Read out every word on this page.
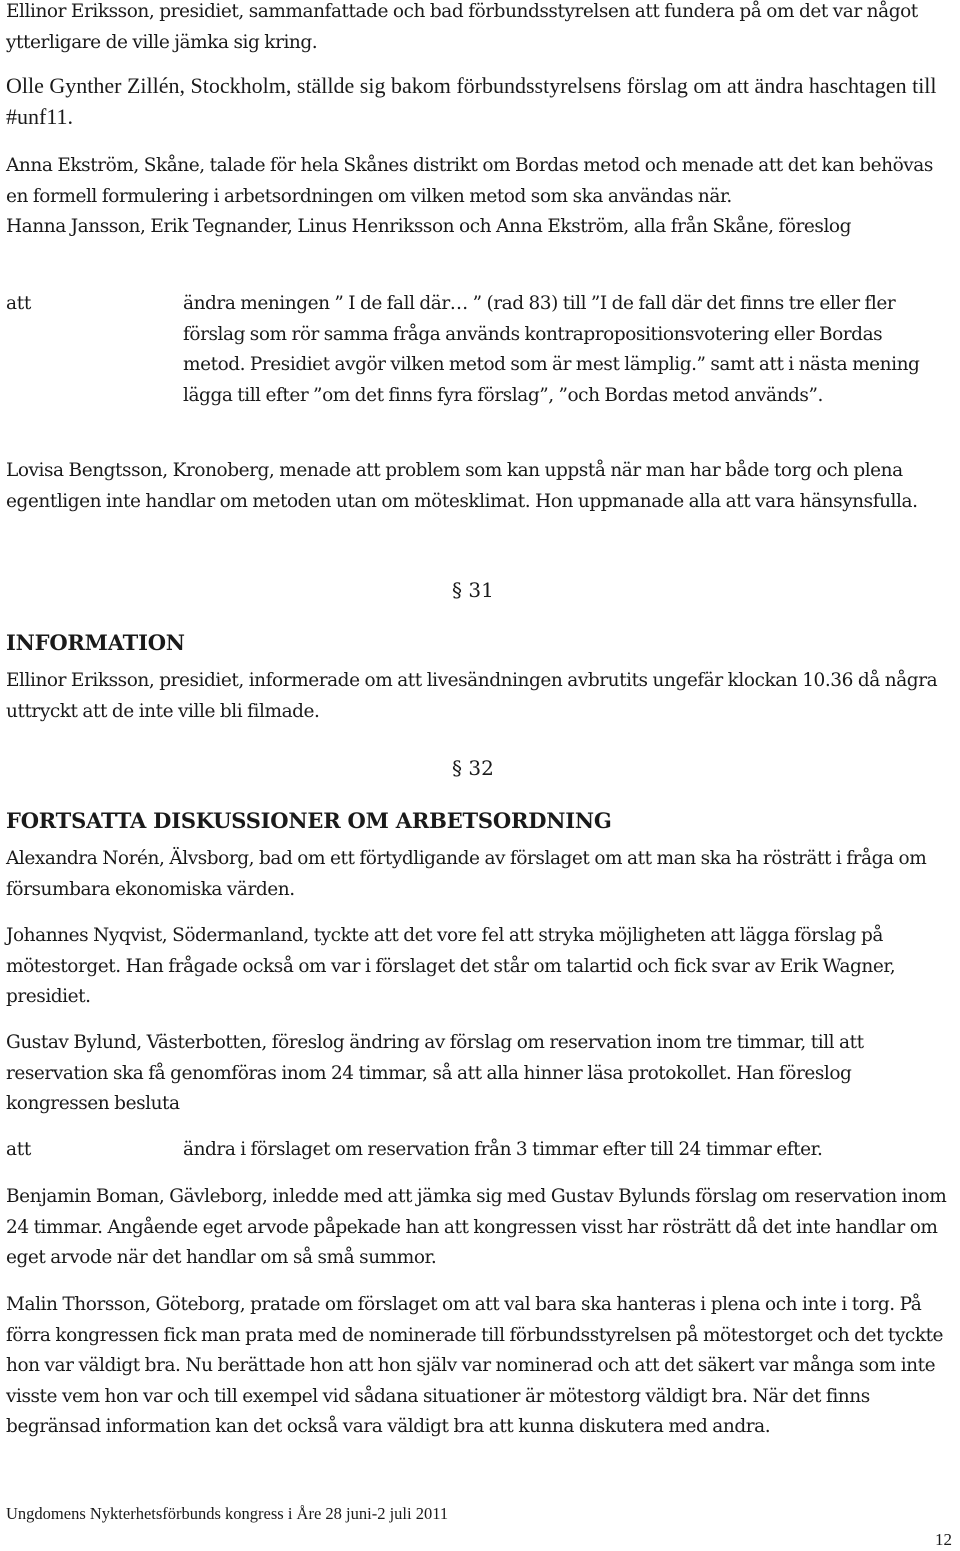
Ellinor Eriksson, presidiet, sammanfattade och bad förbundsstyrelsen att fundera på om det var något ytterligare de ville jämka sig kring.

Olle Gynther Zillén, Stockholm, ställde sig bakom förbundsstyrelsens förslag om att ändra haschtagen till #unf11.

Anna Ekström, Skåne, talade för hela Skånes distrikt om Bordas metod och menade att det kan behövas en formell formulering i arbetsordningen om vilken metod som ska användas när.

Hanna Jansson, Erik Tegnander, Linus Henriksson och Anna Ekström, alla från Skåne, föreslog

att	ändra meningen ” I de fall där… ” (rad 83) till ”I de fall där det finns tre eller fler förslag som rör samma fråga används kontrapropositionsvotering eller Bordas metod. Presidiet avgör vilken metod som är mest lämplig.” samt att i nästa mening lägga till efter ”om det finns fyra förslag”, ”och Bordas metod används”.

Lovisa Bengtsson, Kronoberg, menade att problem som kan uppstå när man har både torg och plena egentligen inte handlar om metoden utan om mötesklimat. Hon uppmanade alla att vara hänsynsfulla.

§ 31
INFORMATION

Ellinor Eriksson, presidiet, informerade om att livesändningen avbrutits ungefär klockan 10.36 då några uttryckt att de inte ville bli filmade.

§ 32
FORTSATTA DISKUSSIONER OM ARBETSORDNING

Alexandra Norén, Älvsborg, bad om ett förtydligande av förslaget om att man ska ha rösträtt i fråga om försumbara ekonomiska värden.

Johannes Nyqvist, Södermanland, tyckte att det vore fel att stryka möjligheten att lägga förslag på mötestorget. Han frågade också om var i förslaget det står om talartid och fick svar av Erik Wagner, presidiet.

Gustav Bylund, Västerbotten, föreslog ändring av förslag om reservation inom tre timmar, till att reservation ska få genomföras inom 24 timmar, så att alla hinner läsa protokollet. Han föreslog kongressen besluta

att	ändra i förslaget om reservation från 3 timmar efter till 24 timmar efter.

Benjamin Boman, Gävleborg, inledde med att jämka sig med Gustav Bylunds förslag om reservation inom 24 timmar. Angående eget arvode påpekade han att kongressen visst har rösträtt då det inte handlar om eget arvode när det handlar om så små summor.

Malin Thorsson, Göteborg, pratade om förslaget om att val bara ska hanteras i plena och inte i torg. På förra kongressen fick man prata med de nominerade till förbundsstyrelsen på mötestorget och det tyckte hon var väldigt bra. Nu berättade hon att hon själv var nominerad och att det säkert var många som inte visste vem hon var och till exempel vid sådana situationer är mötestorg väldigt bra. När det finns begränsad information kan det också vara väldigt bra att kunna diskutera med andra.

Ungdomens Nykterhetsförbunds kongress i Åre 28 juni-2 juli 2011
12
